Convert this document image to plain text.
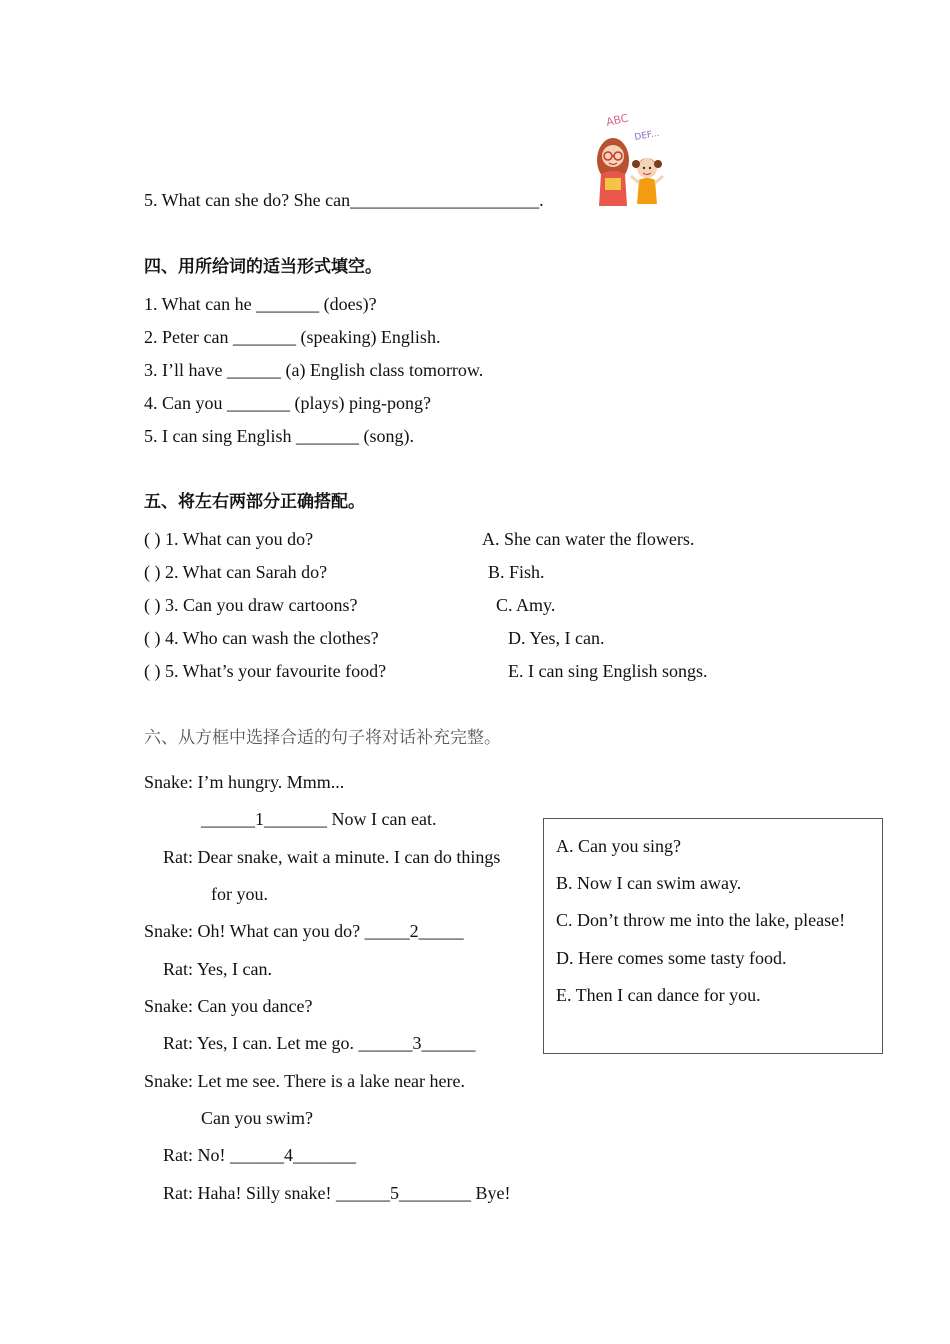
ABC
DEF...
5. What can she do? She can_____________________.
四、用所给词的适当形式填空。
1. What can he _______ (does)?
2. Peter can _______ (speaking) English.
3. I’ll have ______ (a) English class tomorrow.
4. Can you _______ (plays) ping-pong?
5. I can sing English _______ (song).
五、将左右两部分正确搭配。
( ) 1. What can you do?
( ) 2. What can Sarah do?
( ) 3. Can you draw cartoons?
( ) 4. Who can wash the clothes?
( ) 5. What’s your favourite food?
A. She can water the flowers.
B. Fish.
C. Amy.
D. Yes, I can.
E. I can sing English songs.
六、从方框中选择合适的句子将对话补充完整。
Snake: I’m hungry. Mmm...
______1_______ Now I can eat.
Rat: Dear snake, wait a minute. I can do things
for you.
Snake: Oh! What can you do? _____2_____
Rat: Yes, I can.
Snake: Can you dance?
Rat: Yes, I can. Let me go. ______3______
Snake: Let me see. There is a lake near here.
Can you swim?
Rat: No! ______4_______
Rat: Haha! Silly snake! ______5________ Bye!
A. Can you sing?
B. Now I can swim away.
C. Don’t throw me into the lake, please!
D. Here comes some tasty food.
E. Then I can dance for you.
